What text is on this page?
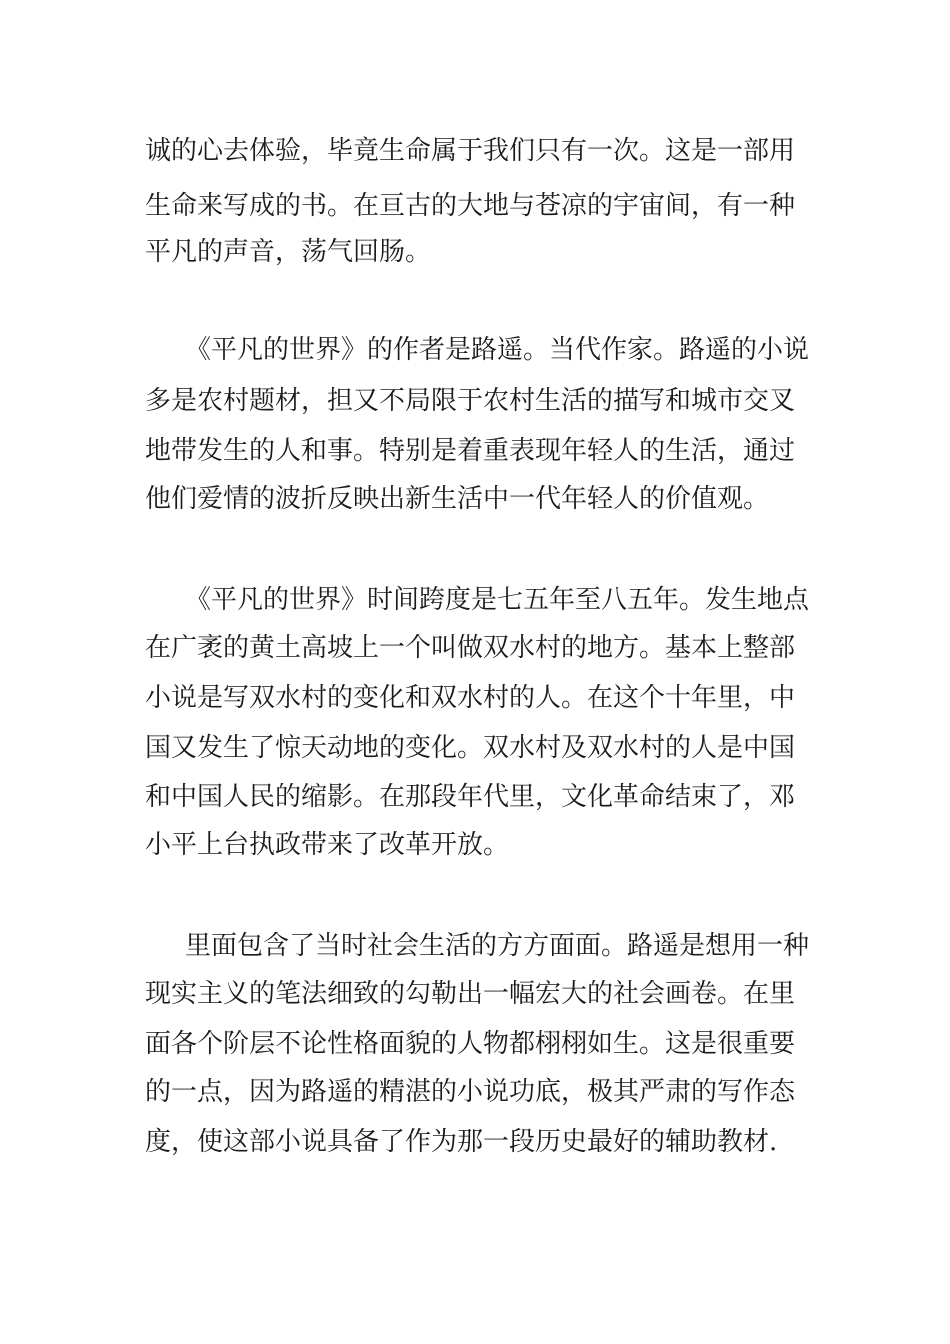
诚的心去体验，毕竟生命属于我们只有一次。这是一部用

生命来写成的书。在亘古的大地与苍凉的宇宙间，有一种

平凡的声音，荡气回肠。

《平凡的世界》的作者是路遥。当代作家。路遥的小说

多是农村题材，担又不局限于农村生活的描写和城市交叉

地带发生的人和事。特别是着重表现年轻人的生活，通过

他们爱情的波折反映出新生活中一代年轻人的价值观。

《平凡的世界》时间跨度是七五年至八五年。发生地点

在广袤的黄土高坡上一个叫做双水村的地方。基本上整部

小说是写双水村的变化和双水村的人。在这个十年里，中

国又发生了惊天动地的变化。双水村及双水村的人是中国

和中国人民的缩影。在那段年代里，文化革命结束了，邓

小平上台执政带来了改革开放。

里面包含了当时社会生活的方方面面。路遥是想用一种

现实主义的笔法细致的勾勒出一幅宏大的社会画卷。在里

面各个阶层不论性格面貌的人物都栩栩如生。这是很重要

的一点，因为路遥的精湛的小说功底，极其严肃的写作态

度，使这部小说具备了作为那一段历史最好的辅助教材.
